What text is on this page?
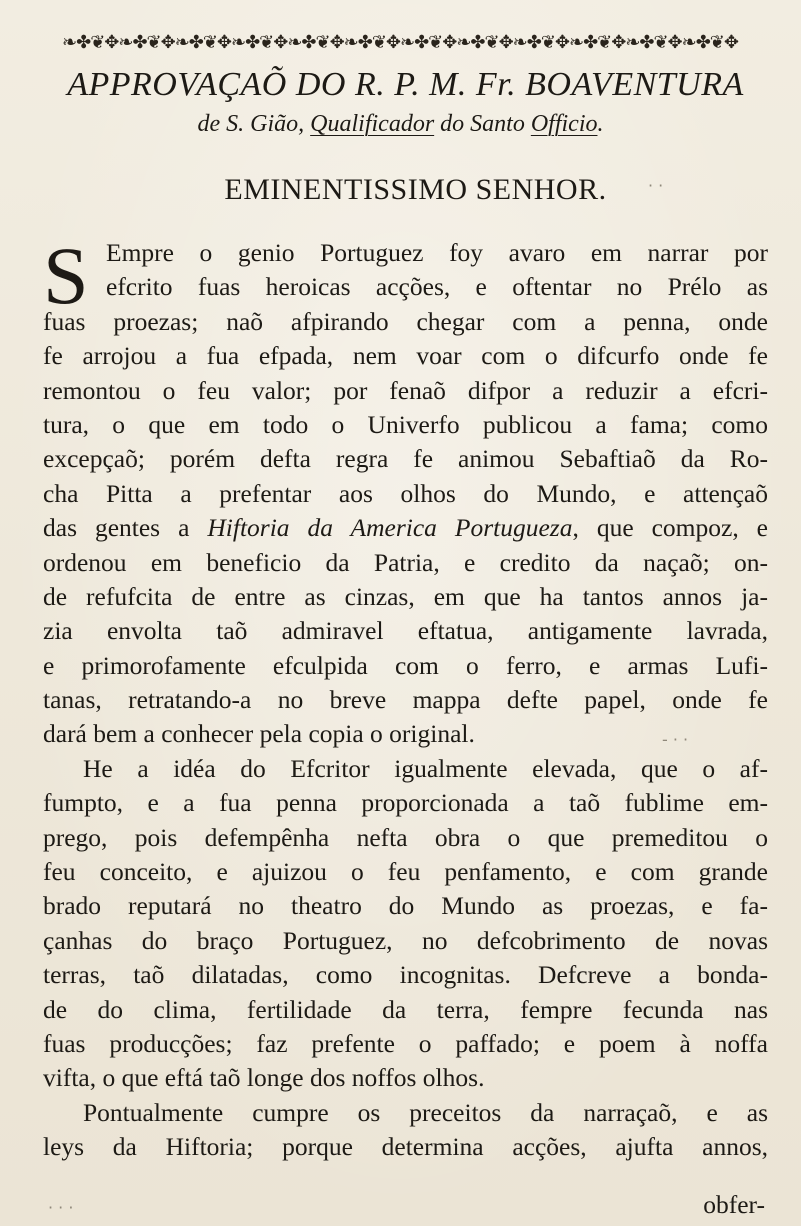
❧✤❦✥❧✤❦✥❧✤❦✥❧✤❦✥❧✤❦✥❧✤❦✥❧✤❦✥❧✤❦✥❧✤❦✥❧✤❦✥❧✤❦✥❧✤❦✥
APPROVAÇAÕ DO R. P. M. Fr. BOAVENTURA
de S. Gião, Qualificador do Santo Officio.
EMINENTISSIMO SENHOR.
S Empre o genio Portuguez foy avaro em narrar por
efcrito fuas heroicas acções, e oftentar no Prélo as
fuas proezas; naõ afpirando chegar com a penna, onde
fe arrojou a fua efpada, nem voar com o difcurfo onde fe
remontou o feu valor; por fenaõ difpor a reduzir a efcri-
tura, o que em todo o Univerfo publicou a fama; como
excepçaõ; porém defta regra fe animou Sebaftiaõ da Ro-
cha Pitta a prefentar aos olhos do Mundo, e attençaõ
das gentes a Hiftoria da America Portugueza, que compoz, e
ordenou em beneficio da Patria, e credito da naçaõ; on-
de refufcita de entre as cinzas, em que ha tantos annos ja-
zia envolta taõ admiravel eftatua, antigamente lavrada,
e primorofamente efculpida com o ferro, e armas Lufi-
tanas, retratando-a no breve mappa defte papel, onde fe
dará bem a conhecer pela copia o original.
He a idéa do Efcritor igualmente elevada, que o af-
fumpto, e a fua penna proporcionada a taõ fublime em-
prego, pois defempênha nefta obra o que premeditou o
feu conceito, e ajuizou o feu penfamento, e com grande
brado reputará no theatro do Mundo as proezas, e fa-
çanhas do braço Portuguez, no defcobrimento de novas
terras, taõ dilatadas, como incognitas. Defcreve a bonda-
de do clima, fertilidade da terra, fempre fecunda nas
fuas producções; faz prefente o paffado; e poem à noffa
vifta, o que eftá taõ longe dos noffos olhos.
Pontualmente cumpre os preceitos da narraçaõ, e as
leys da Hiftoria; porque determina acções, ajufta annos,
obfer-
· ·
- · ·
· · ·
